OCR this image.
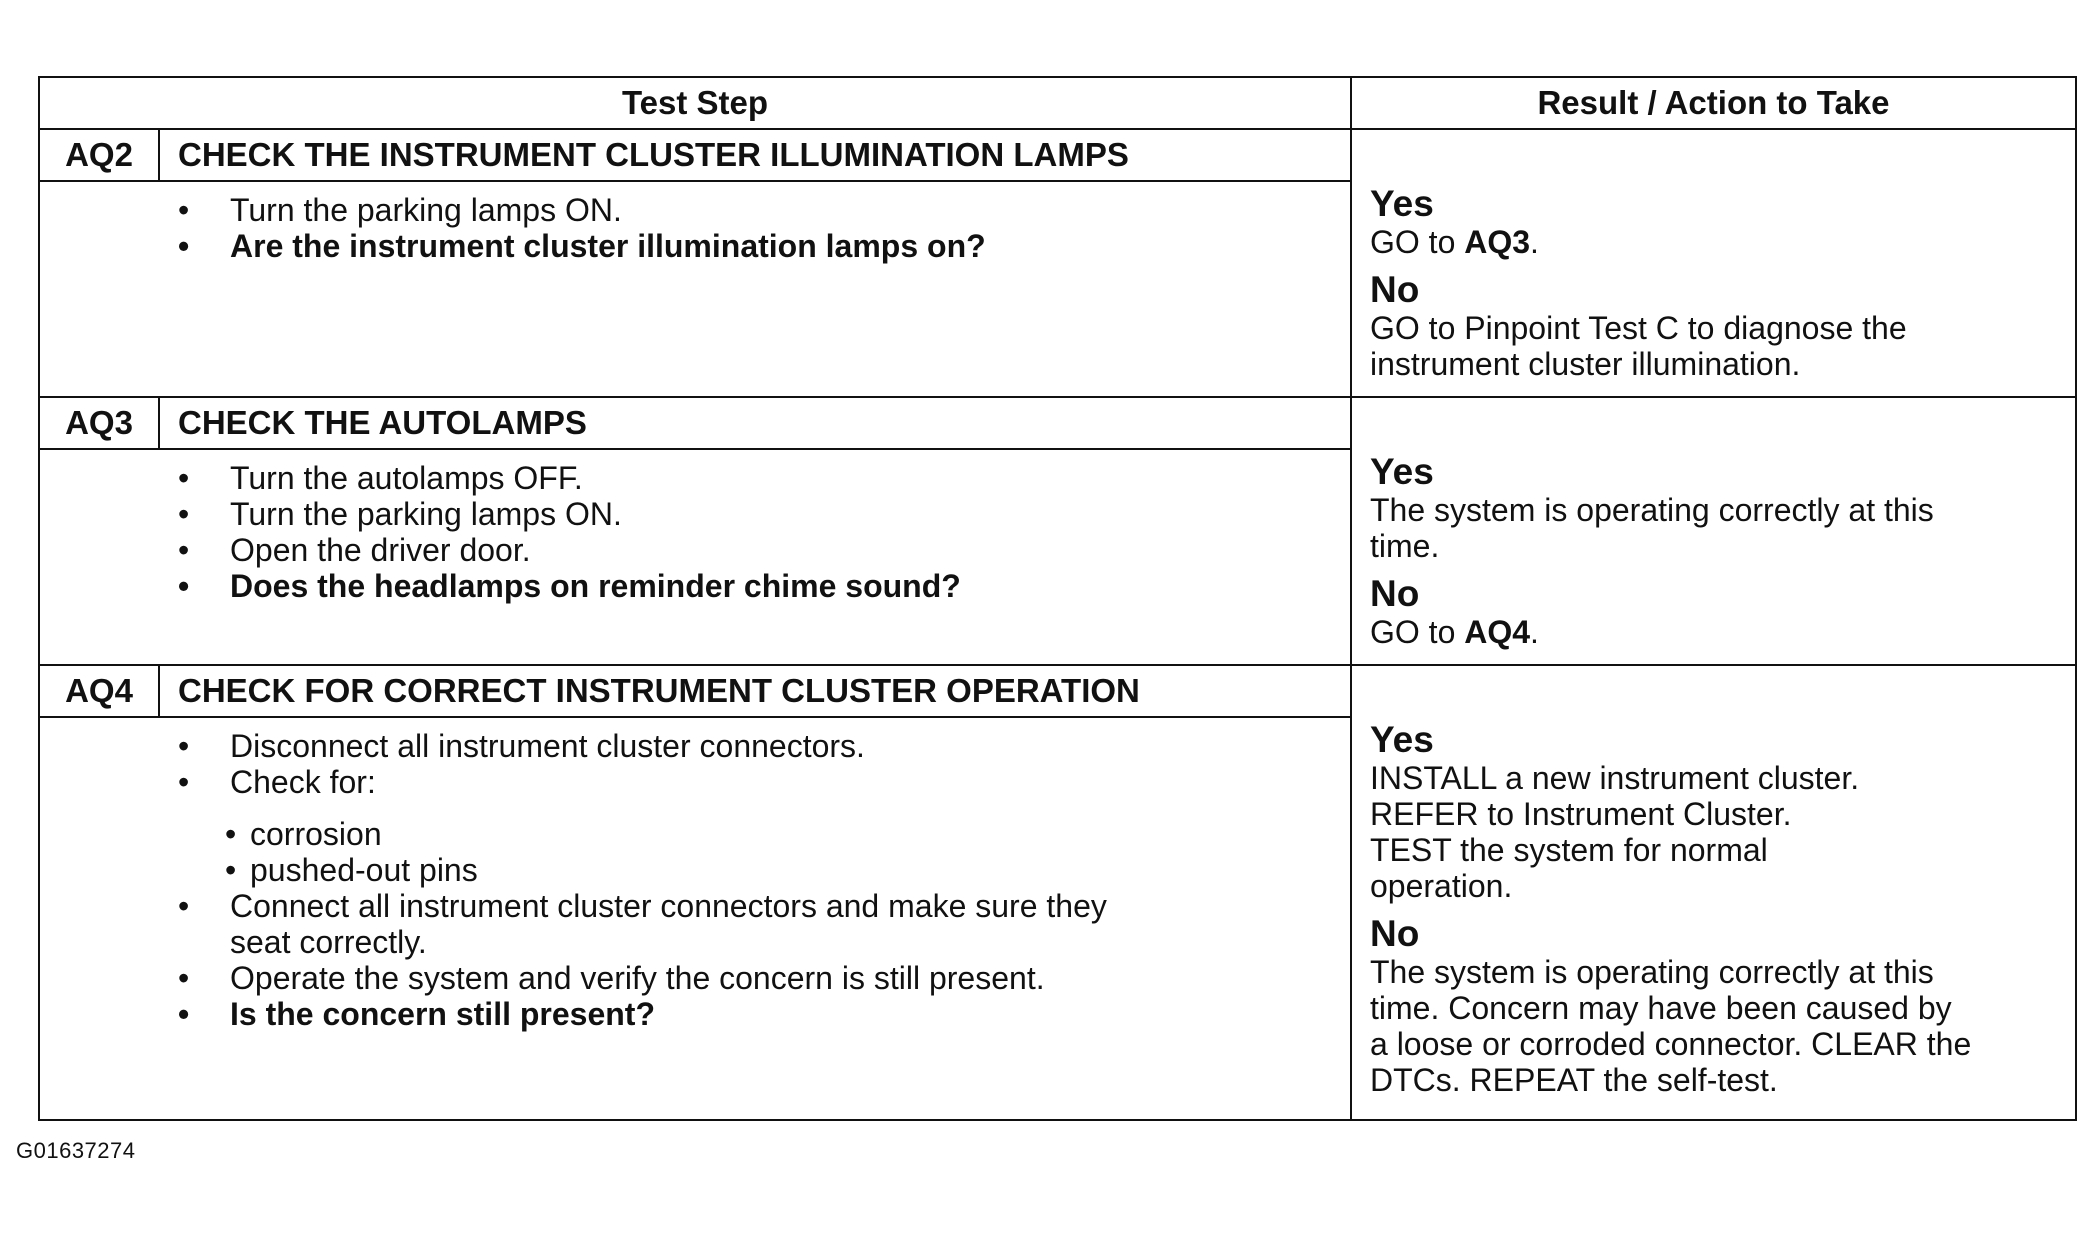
Test Step	Result / Action to Take
AQ2	CHECK THE INSTRUMENT CLUSTER ILLUMINATION LAMPS
• Turn the parking lamps ON.
• Are the instrument cluster illumination lamps on?
Yes

GO to AQ3.

No

GO to Pinpoint Test C to diagnose the
instrument cluster illumination.

AQ3	CHECK THE AUTOLAMPS
• Turn the autolamps OFF.
• Turn the parking lamps ON.
• Open the driver door.
• Does the headlamps on reminder chime sound?
Yes

The system is operating correctly at this
time.

No

GO to AQ4.

AQ4	CHECK FOR CORRECT INSTRUMENT CLUSTER OPERATION
• Disconnect all instrument cluster connectors.
• Check for:
• corrosion
• pushed-out pins
• Connect all instrument cluster connectors and make sure they
seat correctly.
• Operate the system and verify the concern is still present.
• Is the concern still present?
Yes

INSTALL a new instrument cluster.
REFER to Instrument Cluster.
TEST the system for normal
operation.

No

The system is operating correctly at this
time. Concern may have been caused by
a loose or corroded connector. CLEAR the
DTCs. REPEAT the self-test.

G01637274
